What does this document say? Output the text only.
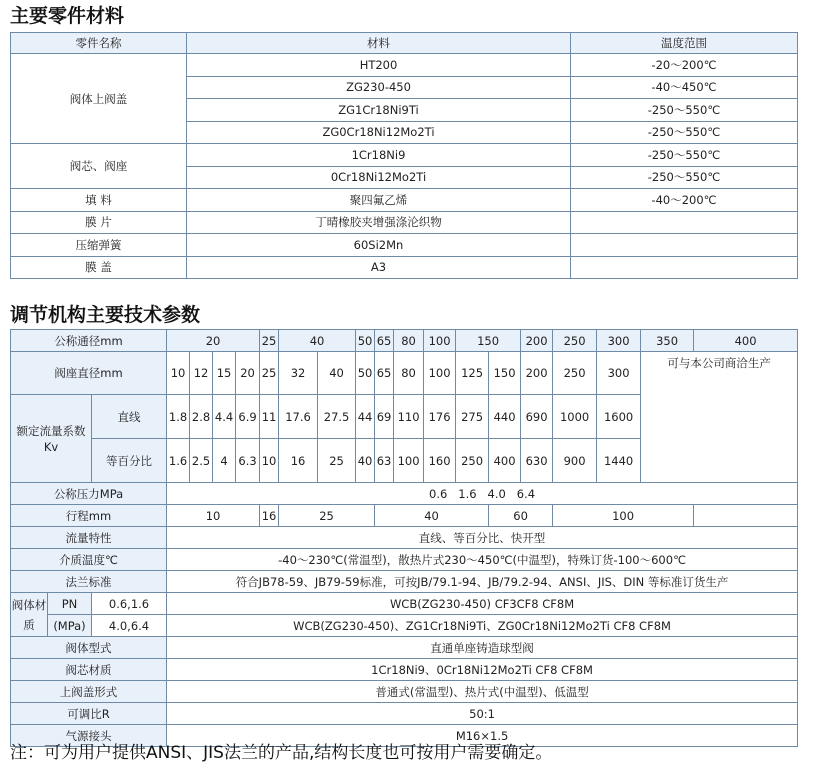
主要零件材料
零件名称	材料	温度范围
阀体上阀盖	HT200	-20～200℃
	ZG230-450	-40～450℃
	ZG1Cr18Ni9Ti	-250～550℃
	ZG0Cr18Ni12Mo2Ti	-250～550℃
阀芯、阀座	1Cr18Ni9	-250～550℃
	0Cr18Ni12Mo2Ti	-250～550℃
填 料	聚四氟乙烯	-40～200℃
膜 片	丁晴橡胶夹增强涤沦织物	
压缩弹簧	60Si2Mn	
膜 盖	A3	
调节机构主要技术参数
公称通径mm			20				25	40		50	65	80	100	150		200	250	300	350	400	
阀座直径mm			10	12	15	20	25	32	40	50	65	80	100	125	150	200	250	300	可与本公司商洽生产		
额定流量系数Kv		直线	1.8	2.8	4.4	6.9	11	17.6	27.5	44	69	110	176	275	440	690	1000	1600			
		等百分比	1.6	2.5	4	6.3	10	16	25	40	63	100	160	250	400	630	900	1440			
公称压力MPa			0.6   1.6   4.0   6.4																		
行程mm			10				16	25			40				60		100				
流量特性			直线、等百分比、快开型																		
介质温度℃			-40～230℃(常温型)，散热片式230～450℃(中温型)，特殊订货-100～600℃																		
法兰标准			符合JB78-59、JB79-59标准，可按JB/79.1-94、JB/79.2-94、ANSI、JIS、DIN 等标准订货生产																		
阀体材质	PN	0.6,1.6	WCB(ZG230-450) CF3CF8 CF8M																		
	(MPa)	4.0,6.4	WCB(ZG230-450)、ZG1Cr18Ni9Ti、ZG0Cr18Ni12Mo2Ti CF8 CF8M																		
阀体型式			直通单座铸造球型阀																		
阀芯材质			1Cr18Ni9、0Cr18Ni12Mo2Ti CF8 CF8M																		
上阀盖形式			普通式(常温型)、热片式(中温型)、低温型																		
可调比R			50:1																		
气源接头			M16×1.5																		

注：可为用户提供ANSI、JIS法兰的产品,结构长度也可按用户需要确定。
